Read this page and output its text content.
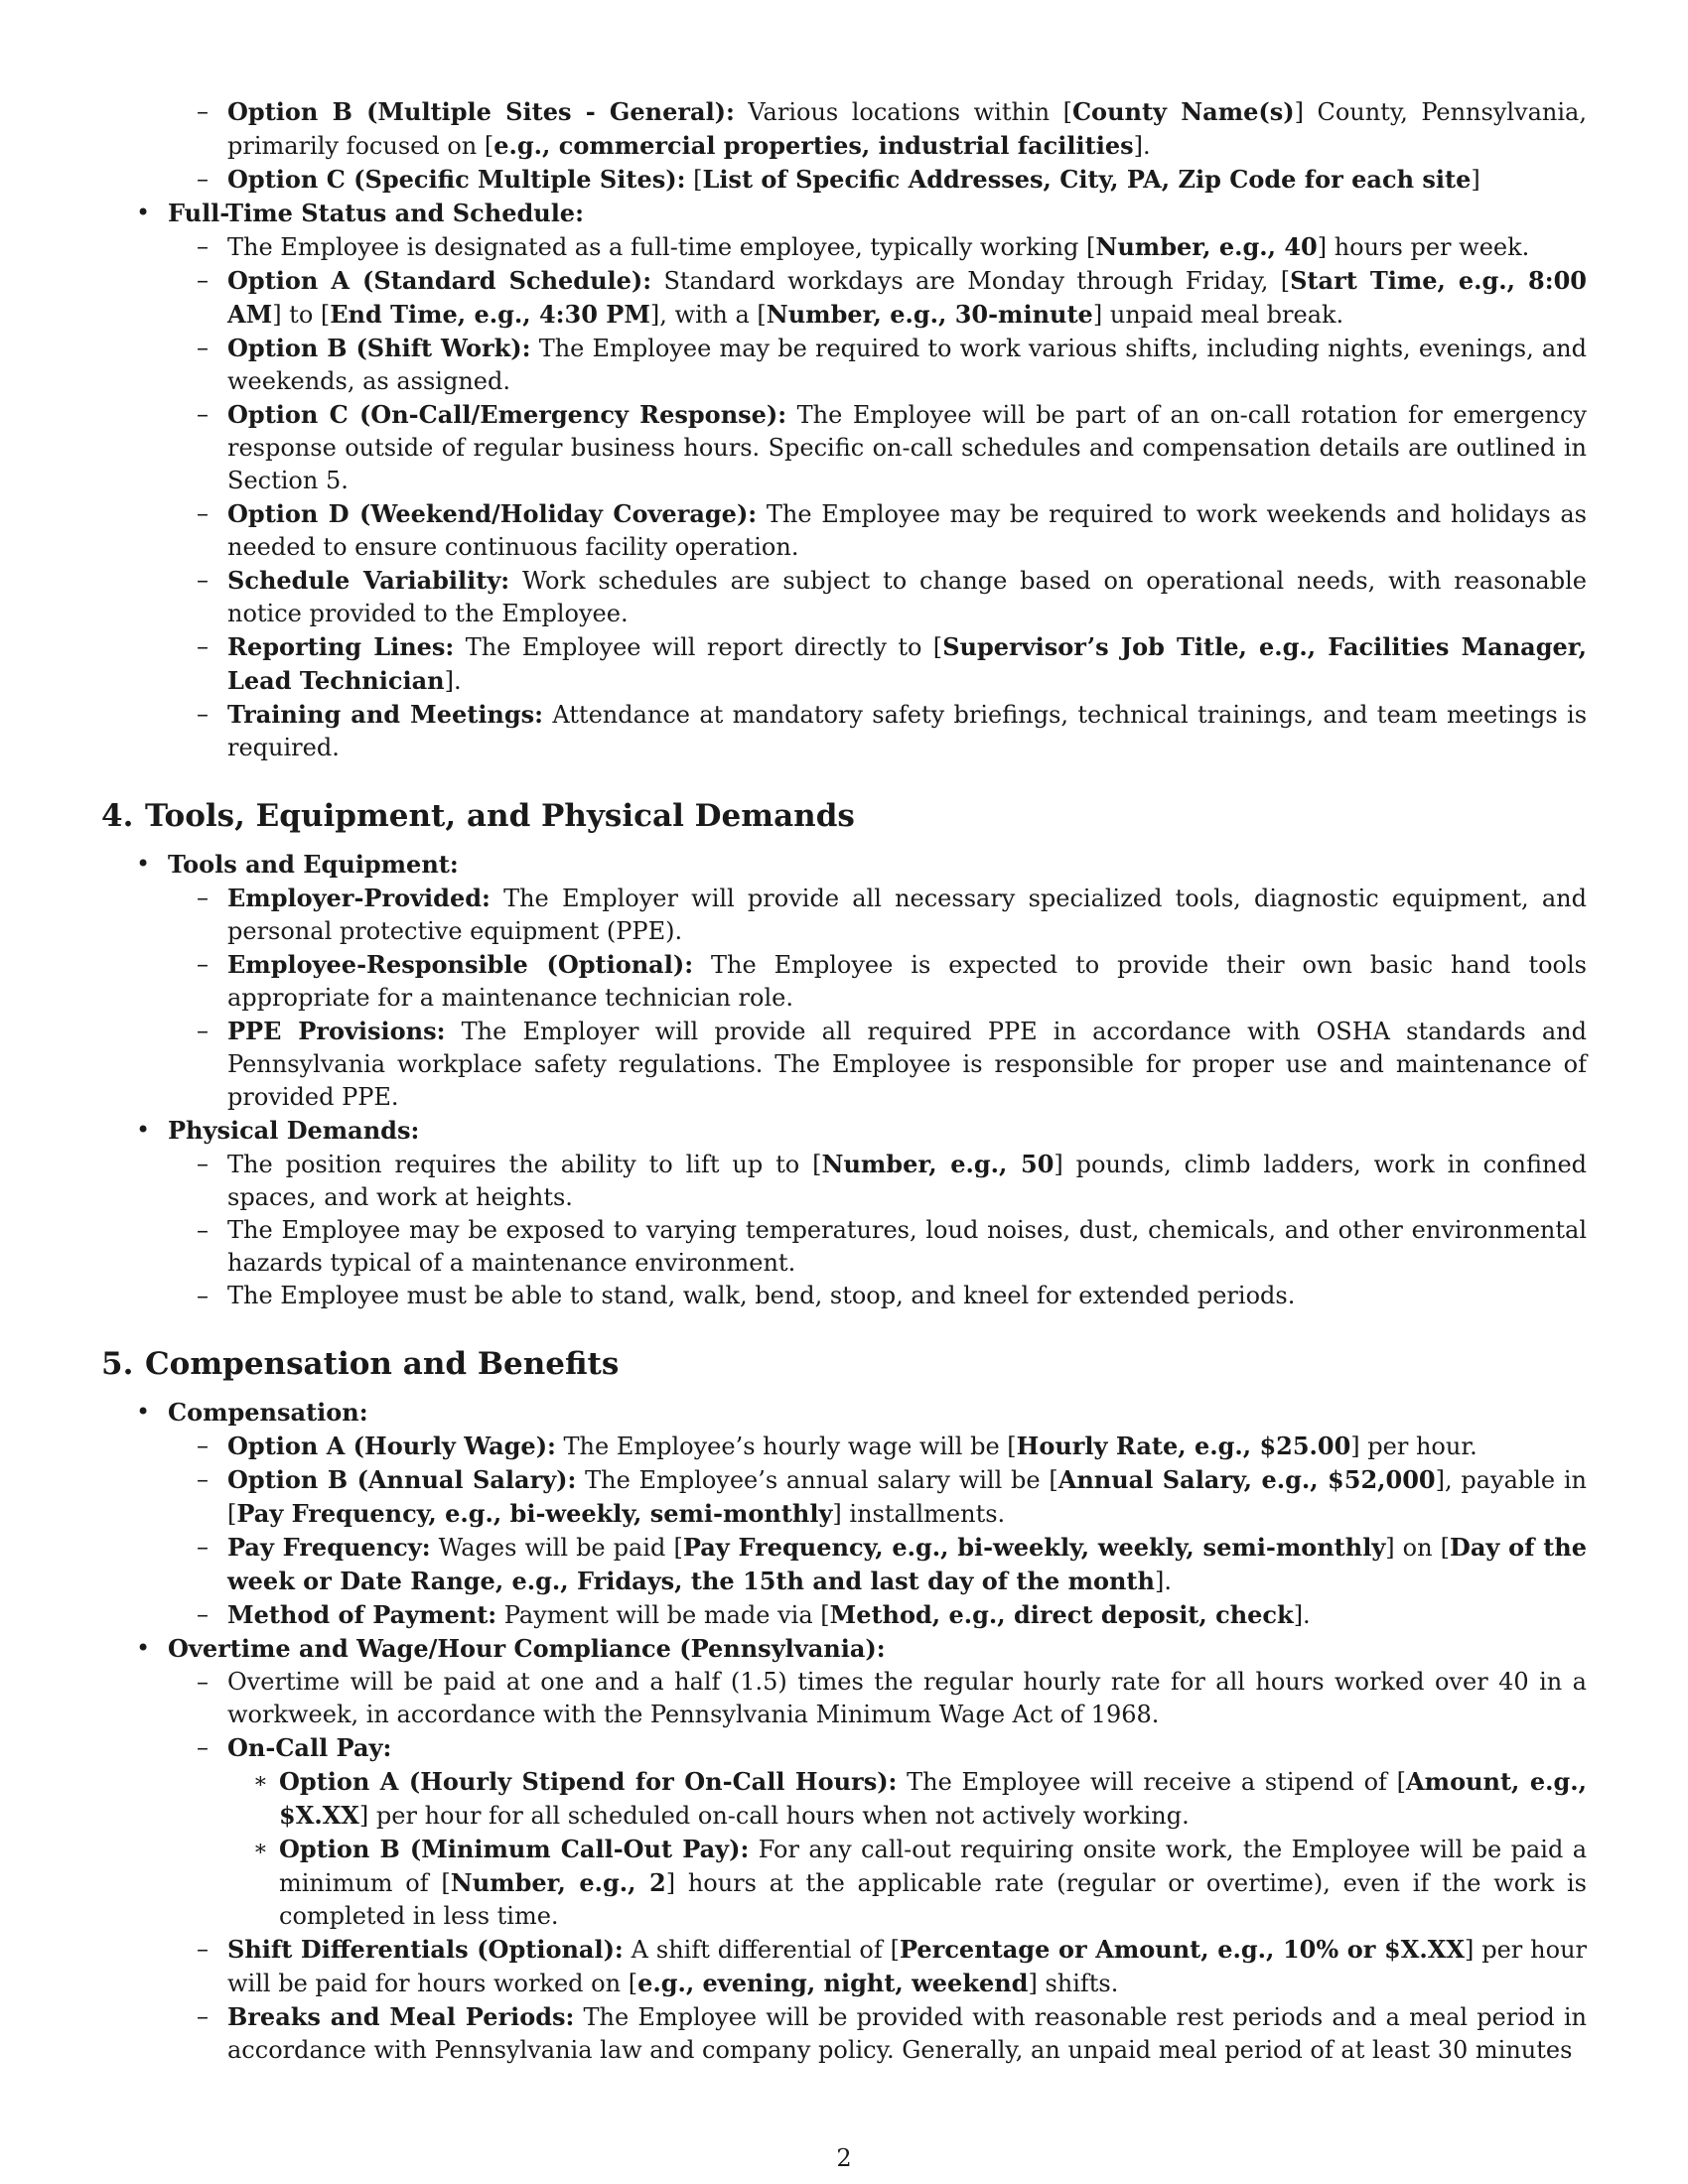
– Option B (Multiple Sites - General): Various locations within [County Name(s)] County, Pennsylvania, primarily focused on [e.g., commercial properties, industrial facilities].
– Option C (Specific Multiple Sites): [List of Specific Addresses, City, PA, Zip Code for each site]
• Full-Time Status and Schedule:
– The Employee is designated as a full-time employee, typically working [Number, e.g., 40] hours per week.
– Option A (Standard Schedule): Standard workdays are Monday through Friday, [Start Time, e.g., 8:00 AM] to [End Time, e.g., 4:30 PM], with a [Number, e.g., 30-minute] unpaid meal break.
– Option B (Shift Work): The Employee may be required to work various shifts, including nights, evenings, and weekends, as assigned.
– Option C (On-Call/Emergency Response): The Employee will be part of an on-call rotation for emergency response outside of regular business hours. Specific on-call schedules and compensation details are outlined in Section 5.
– Option D (Weekend/Holiday Coverage): The Employee may be required to work weekends and holidays as needed to ensure continuous facility operation.
– Schedule Variability: Work schedules are subject to change based on operational needs, with reasonable notice provided to the Employee.
– Reporting Lines: The Employee will report directly to [Supervisor’s Job Title, e.g., Facilities Manager, Lead Technician].
– Training and Meetings: Attendance at mandatory safety briefings, technical trainings, and team meetings is required.
4. Tools, Equipment, and Physical Demands
• Tools and Equipment:
– Employer-Provided: The Employer will provide all necessary specialized tools, diagnostic equipment, and personal protective equipment (PPE).
– Employee-Responsible (Optional): The Employee is expected to provide their own basic hand tools appropriate for a maintenance technician role.
– PPE Provisions: The Employer will provide all required PPE in accordance with OSHA standards and Pennsylvania workplace safety regulations. The Employee is responsible for proper use and maintenance of provided PPE.
• Physical Demands:
– The position requires the ability to lift up to [Number, e.g., 50] pounds, climb ladders, work in confined spaces, and work at heights.
– The Employee may be exposed to varying temperatures, loud noises, dust, chemicals, and other environmental hazards typical of a maintenance environment.
– The Employee must be able to stand, walk, bend, stoop, and kneel for extended periods.
5. Compensation and Benefits
• Compensation:
– Option A (Hourly Wage): The Employee’s hourly wage will be [Hourly Rate, e.g., $25.00] per hour.
– Option B (Annual Salary): The Employee’s annual salary will be [Annual Salary, e.g., $52,000], payable in [Pay Frequency, e.g., bi-weekly, semi-monthly] installments.
– Pay Frequency: Wages will be paid [Pay Frequency, e.g., bi-weekly, weekly, semi-monthly] on [Day of the week or Date Range, e.g., Fridays, the 15th and last day of the month].
– Method of Payment: Payment will be made via [Method, e.g., direct deposit, check].
• Overtime and Wage/Hour Compliance (Pennsylvania):
– Overtime will be paid at one and a half (1.5) times the regular hourly rate for all hours worked over 40 in a workweek, in accordance with the Pennsylvania Minimum Wage Act of 1968.
– On-Call Pay:
∗ Option A (Hourly Stipend for On-Call Hours): The Employee will receive a stipend of [Amount, e.g., $X.XX] per hour for all scheduled on-call hours when not actively working.
∗ Option B (Minimum Call-Out Pay): For any call-out requiring onsite work, the Employee will be paid a minimum of [Number, e.g., 2] hours at the applicable rate (regular or overtime), even if the work is completed in less time.
– Shift Differentials (Optional): A shift differential of [Percentage or Amount, e.g., 10% or $X.XX] per hour will be paid for hours worked on [e.g., evening, night, weekend] shifts.
– Breaks and Meal Periods: The Employee will be provided with reasonable rest periods and a meal period in accordance with Pennsylvania law and company policy. Generally, an unpaid meal period of at least 30 minutes
2
